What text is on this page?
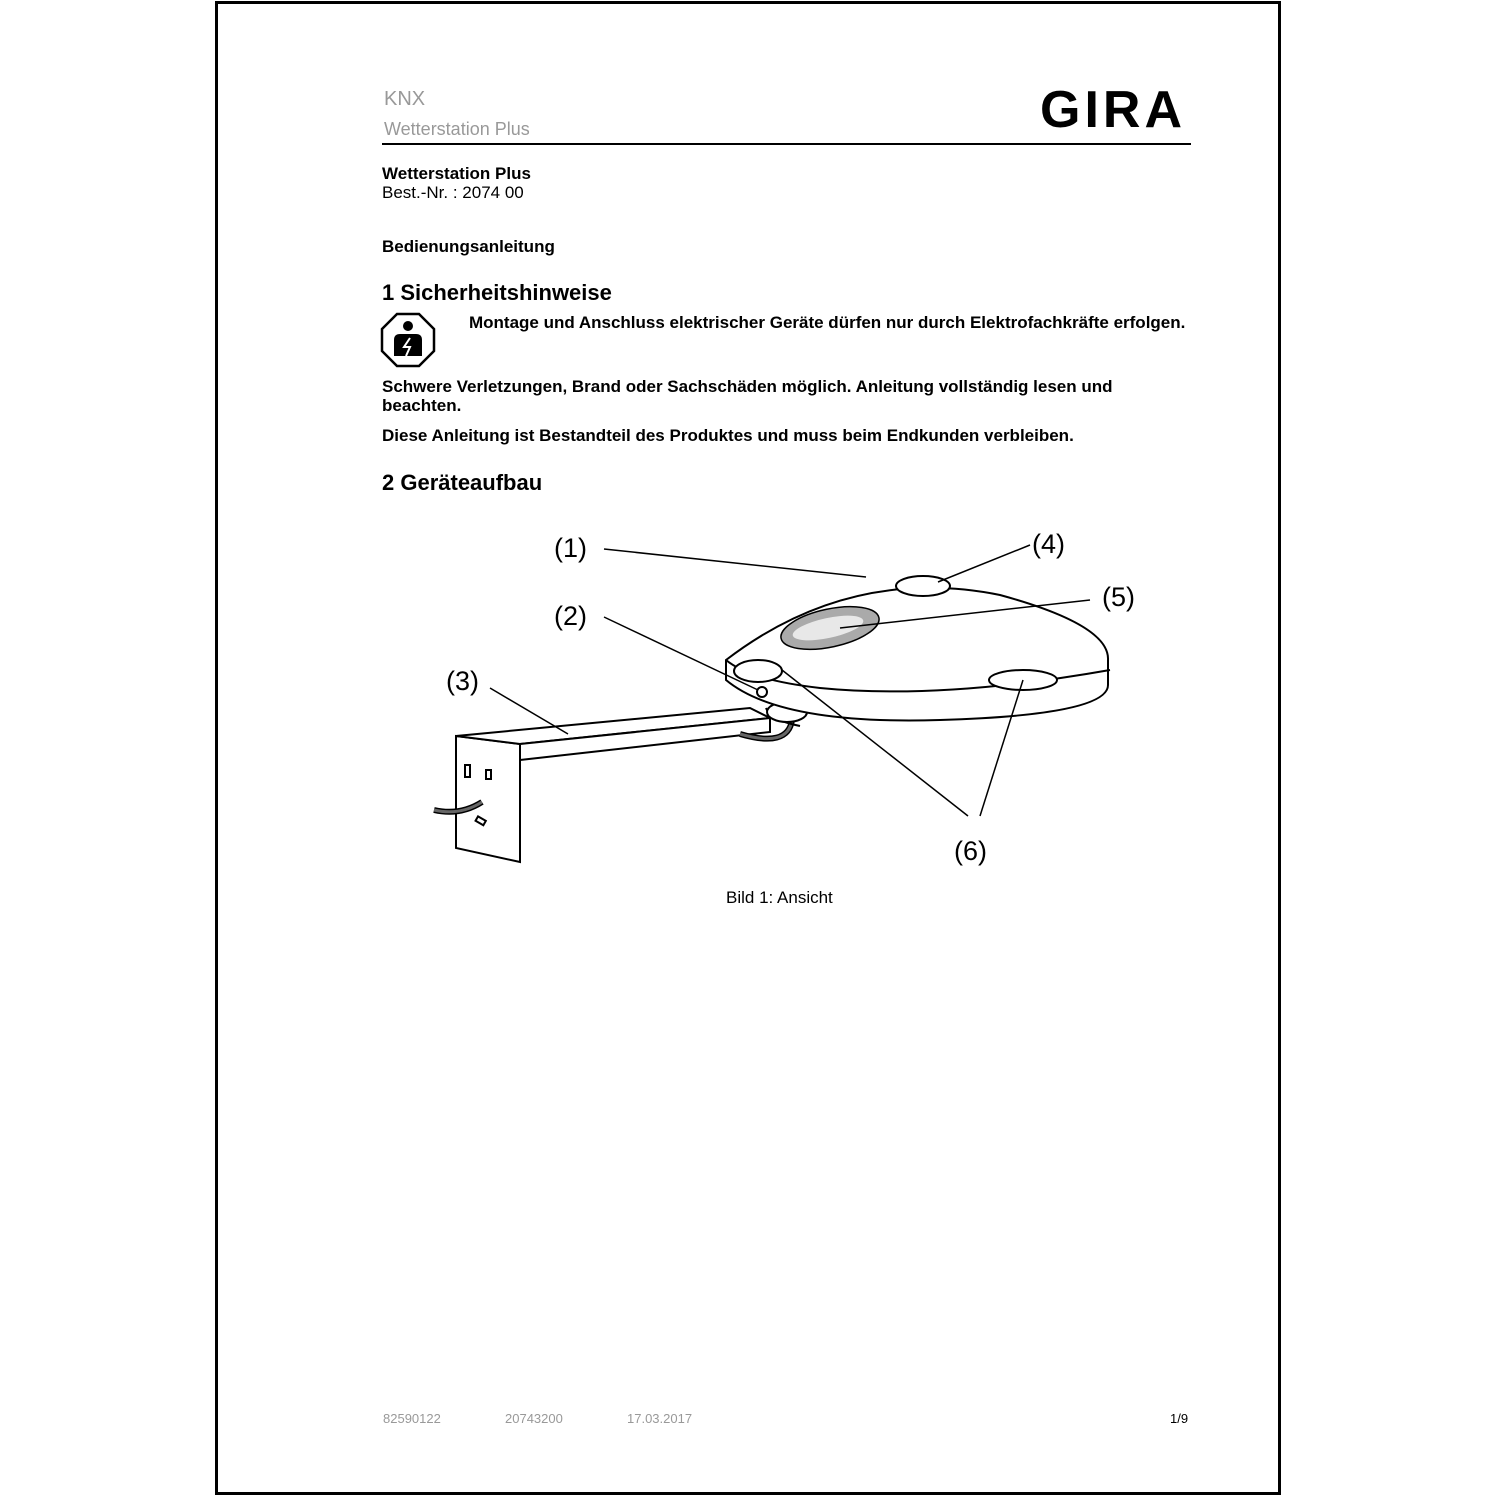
KNX
Wetterstation Plus	GIRA
Wetterstation Plus
Best.-Nr. : 2074 00
Bedienungsanleitung
1 Sicherheitshinweise
Montage und Anschluss elektrischer Geräte dürfen nur durch Elektrofachkräfte erfolgen.
Schwere Verletzungen, Brand oder Sachschäden möglich. Anleitung vollständig lesen und beachten.
Diese Anleitung ist Bestandteil des Produktes und muss beim Endkunden verbleiben.
2 Geräteaufbau
(1)
(2)
(3)
(4)
(5)
(6)
Bild 1: Ansicht
82590122	20743200	17.03.2017	1/9
